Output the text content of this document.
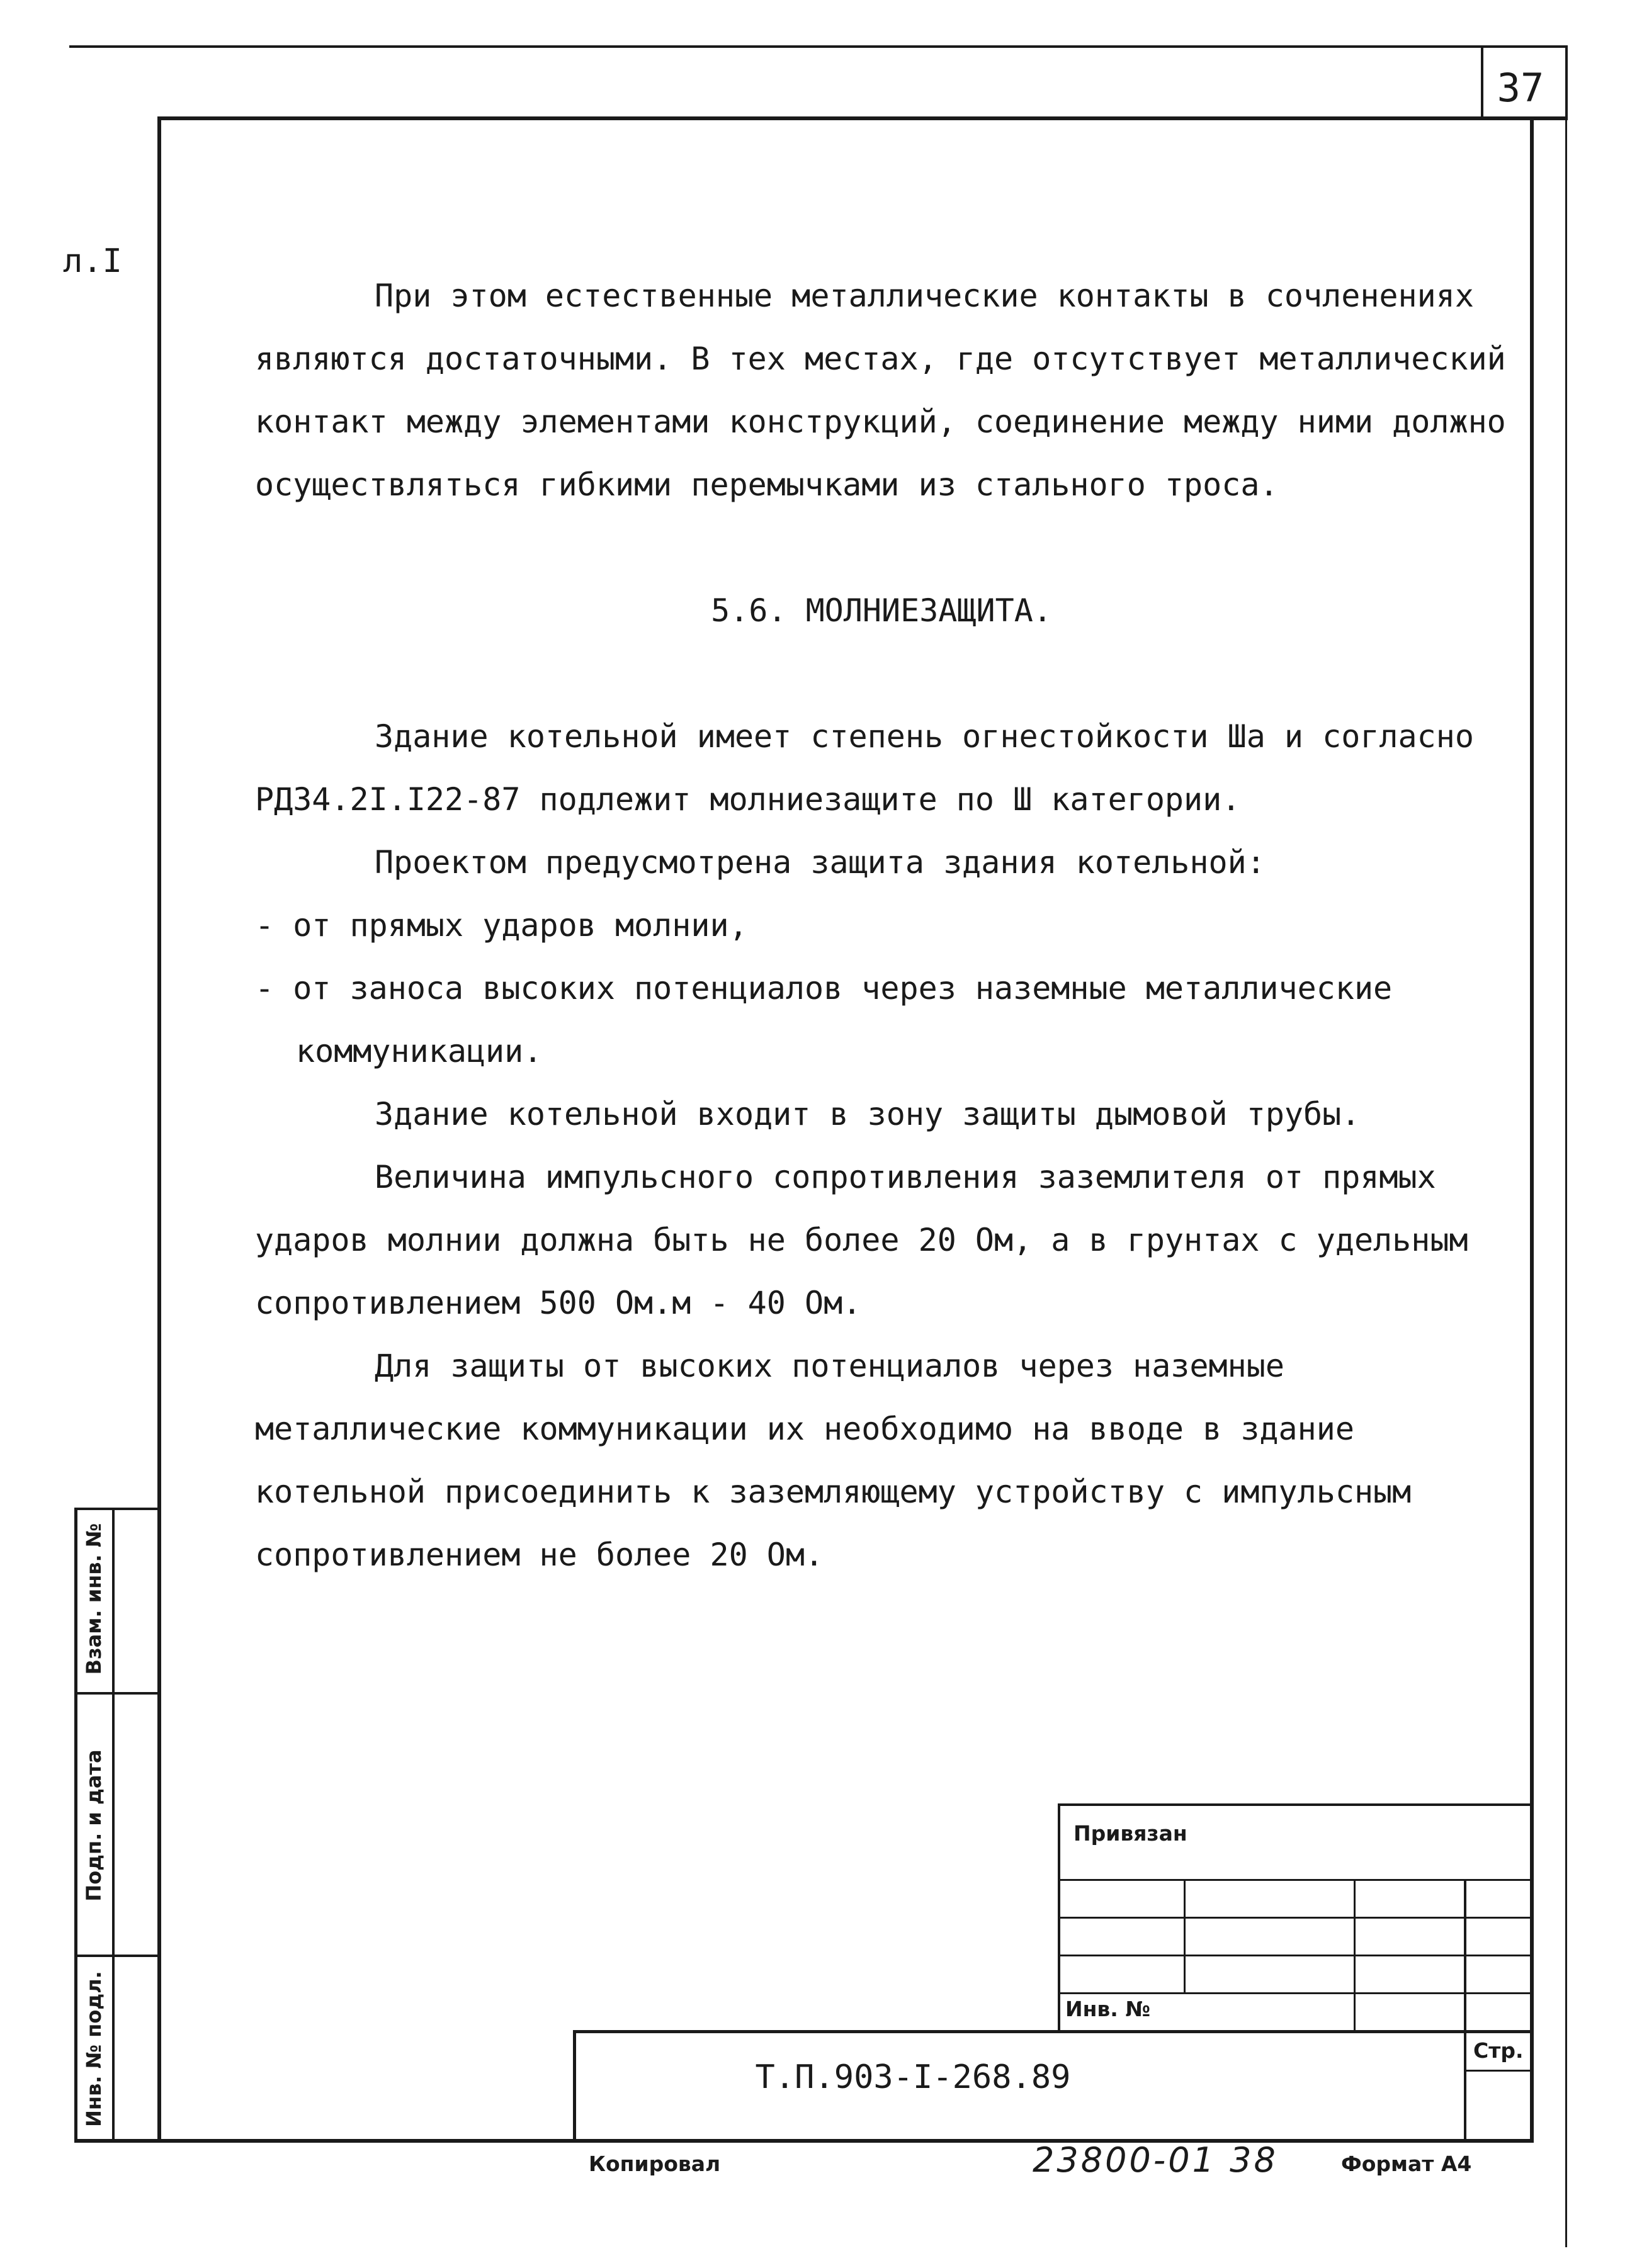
37
л.I

При этом естественные металлические контакты в сочленениях являются достаточными. В тех местах, где отсутствует металлический контакт между элементами конструкций, соединение между ними должно осуществляться гибкими перемычками из стального троса.

5.6. МОЛНИЕЗАЩИТА.

Здание котельной имеет степень огнестойкости Шa и согласно РД34.2I.I22-87 подлежит молниезащите по Ш категории.

Проектом предусмотрена защита здания котельной:

- от прямых ударов молнии,

- от заноса высоких потенциалов через наземные металлические коммуникации.

Здание котельной входит в зону защиты дымовой трубы.

Величина импульсного сопротивления заземлителя от прямых ударов молнии должна быть не более 20 Ом, а в грунтах с удельным сопротивлением 500 Ом.м - 40 Ом.

Для защиты от высоких потенциалов через наземные металлические коммуникации их необходимо на вводе в здание котельной присоединить к заземляющему устройству с импульсным сопротивлением не более 20 Ом.

Взам. инв. №
Подп. и дата
Инв. № подл.
Привязан
Инв. №
Стр.
Т.П.903-I-268.89
Копировал	23800-01 38	Формат А4
